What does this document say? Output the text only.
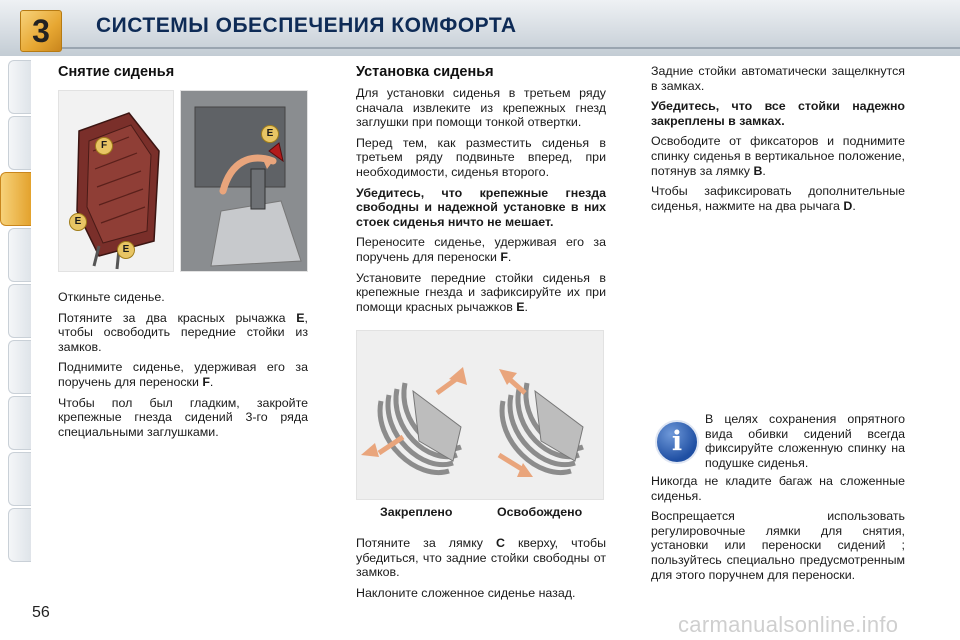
3	СИСТЕМЫ ОБЕСПЕЧЕНИЯ КОМФОРТА
Снятие сиденья
F
E
E
E

Откиньте сиденье.

Потяните за два красных рычажка E, чтобы освободить передние стойки из замков.

Поднимите сиденье, удерживая его за поручень для переноски F.

Чтобы пол был гладким, закройте крепежные гнезда сидений 3-го ряда специальными заглушками.

Установка сиденья

Для установки сиденья в третьем ряду сначала извлеките из крепежных гнезд заглушки при помощи тонкой отвертки.

Перед тем, как разместить сиденья в третьем ряду подвиньте вперед, при необходимости, сиденья второго.

Убедитесь, что крепежные гнезда свободны и надежной установке в них стоек сиденья ничто не мешает.

Переносите сиденье, удерживая его за поручень для переноски F.

Установите передние стойки сиденья в крепежные гнезда и зафиксируйте их при помощи красных рычажков E.

Закреплено	Освобождено

Потяните за лямку C кверху, чтобы убедиться, что задние стойки свободны от замков.

Наклоните сложенное сиденье назад.

Задние стойки автоматически защелкнутся в замках.

Убедитесь, что все стойки надежно закреплены в замках.

Освободите от фиксаторов и поднимите спинку сиденья в вертикальное положение, потянув за лямку B.

Чтобы зафиксировать дополнительные сиденья, нажмите на два рычага D.

i

В целях сохранения опрятного вида обивки сидений всегда фиксируйте сложенную спинку на подушке сиденья.

Никогда не кладите багаж на сложенные сиденья.

Воспрещается использовать регулировочные лямки для снятия, установки или переноски сидений ; пользуйтесь специально предусмотренным для этого поручнем для переноски.

56	carmanualsonline.info
